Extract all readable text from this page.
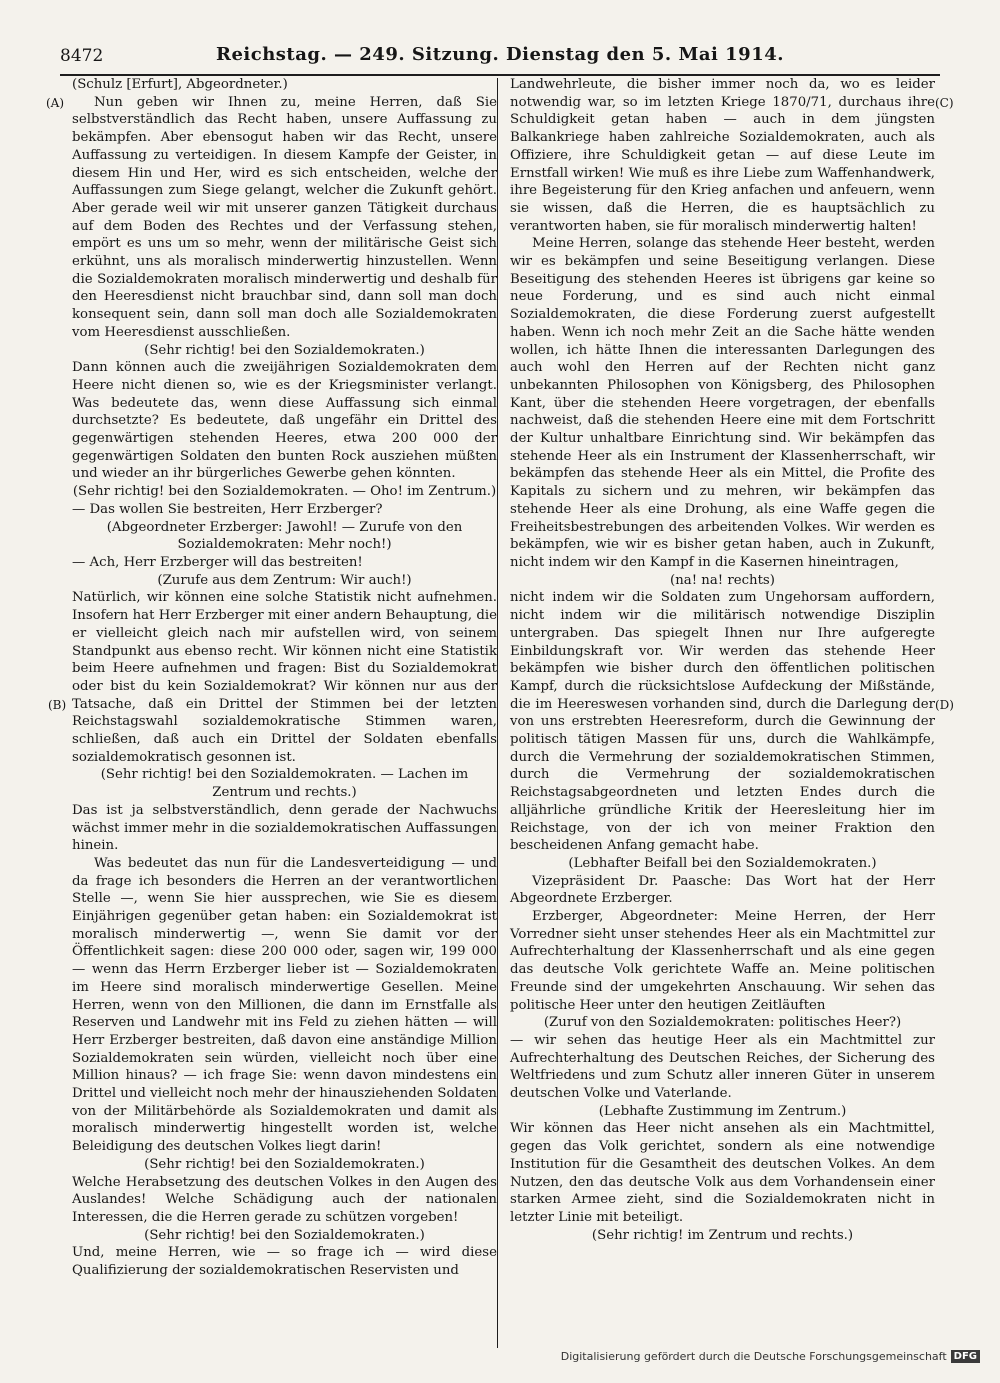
8472	Reichstag. — 249. Sitzung. Dienstag den 5. Mai 1914.
(A)
(B)
(C)
(D)

(Schulz [Erfurt], Abgeordneter.)

Nun geben wir Ihnen zu, meine Herren, daß Sie selbstverständlich das Recht haben, unsere Auffassung zu bekämpfen. Aber ebensogut haben wir das Recht, unsere Auffassung zu verteidigen. In diesem Kampfe der Geister, in diesem Hin und Her, wird es sich entscheiden, welche der Auffassungen zum Siege gelangt, welcher die Zukunft gehört. Aber gerade weil wir mit unserer ganzen Tätigkeit durchaus auf dem Boden des Rechtes und der Verfassung stehen, empört es uns um so mehr, wenn der militärische Geist sich erkühnt, uns als moralisch minderwertig hinzustellen. Wenn die Sozialdemokraten moralisch minderwertig und deshalb für den Heeresdienst nicht brauchbar sind, dann soll man doch konsequent sein, dann soll man doch alle Sozialdemokraten vom Heeresdienst ausschließen.

(Sehr richtig! bei den Sozialdemokraten.)

Dann können auch die zweijährigen Sozialdemokraten dem Heere nicht dienen so, wie es der Kriegsminister verlangt. Was bedeutete das, wenn diese Auffassung sich einmal durchsetzte? Es bedeutete, daß ungefähr ein Drittel des gegenwärtigen stehenden Heeres, etwa 200 000 der gegenwärtigen Soldaten den bunten Rock ausziehen müßten und wieder an ihr bürgerliches Gewerbe gehen könnten.

(Sehr richtig! bei den Sozialdemokraten. — Oho! im Zentrum.)

— Das wollen Sie bestreiten, Herr Erzberger?

(Abgeordneter Erzberger: Jawohl! — Zurufe von den Sozialdemokraten: Mehr noch!)

— Ach, Herr Erzberger will das bestreiten!

(Zurufe aus dem Zentrum: Wir auch!)

Natürlich, wir können eine solche Statistik nicht aufnehmen. Insofern hat Herr Erzberger mit einer andern Behauptung, die er vielleicht gleich nach mir aufstellen wird, von seinem Standpunkt aus ebenso recht. Wir können nicht eine Statistik beim Heere aufnehmen und fragen: Bist du Sozialdemokrat oder bist du kein Sozialdemokrat? Wir können nur aus der Tatsache, daß ein Drittel der Stimmen bei der letzten Reichstagswahl sozialdemokratische Stimmen waren, schließen, daß auch ein Drittel der Soldaten ebenfalls sozialdemokratisch gesonnen ist.

(Sehr richtig! bei den Sozialdemokraten. — Lachen im Zentrum und rechts.)

Das ist ja selbstverständlich, denn gerade der Nachwuchs wächst immer mehr in die sozialdemokratischen Auffassungen hinein.

Was bedeutet das nun für die Landesverteidigung — und da frage ich besonders die Herren an der verantwortlichen Stelle —, wenn Sie hier aussprechen, wie Sie es diesem Einjährigen gegenüber getan haben: ein Sozialdemokrat ist moralisch minderwertig —, wenn Sie damit vor der Öffentlichkeit sagen: diese 200 000 oder, sagen wir, 199 000 — wenn das Herrn Erzberger lieber ist — Sozialdemokraten im Heere sind moralisch minderwertige Gesellen. Meine Herren, wenn von den Millionen, die dann im Ernstfalle als Reserven und Landwehr mit ins Feld zu ziehen hätten — will Herr Erzberger bestreiten, daß davon eine anständige Million Sozialdemokraten sein würden, vielleicht noch über eine Million hinaus? — ich frage Sie: wenn davon mindestens ein Drittel und vielleicht noch mehr der hinausziehenden Soldaten von der Militärbehörde als Sozialdemokraten und damit als moralisch minderwertig hingestellt worden ist, welche Beleidigung des deutschen Volkes liegt darin!

(Sehr richtig! bei den Sozialdemokraten.)

Welche Herabsetzung des deutschen Volkes in den Augen des Auslandes! Welche Schädigung auch der nationalen Interessen, die die Herren gerade zu schützen vorgeben!

(Sehr richtig! bei den Sozialdemokraten.)

Und, meine Herren, wie — so frage ich — wird diese Qualifizierung der sozialdemokratischen Reservisten und

Landwehrleute, die bisher immer noch da, wo es leider notwendig war, so im letzten Kriege 1870/71, durchaus ihre Schuldigkeit getan haben — auch in dem jüngsten Balkankriege haben zahlreiche Sozialdemokraten, auch als Offiziere, ihre Schuldigkeit getan — auf diese Leute im Ernstfall wirken! Wie muß es ihre Liebe zum Waffenhandwerk, ihre Begeisterung für den Krieg anfachen und anfeuern, wenn sie wissen, daß die Herren, die es hauptsächlich zu verantworten haben, sie für moralisch minderwertig halten!

Meine Herren, solange das stehende Heer besteht, werden wir es bekämpfen und seine Beseitigung verlangen. Diese Beseitigung des stehenden Heeres ist übrigens gar keine so neue Forderung, und es sind auch nicht einmal Sozialdemokraten, die diese Forderung zuerst aufgestellt haben. Wenn ich noch mehr Zeit an die Sache hätte wenden wollen, ich hätte Ihnen die interessanten Darlegungen des auch wohl den Herren auf der Rechten nicht ganz unbekannten Philosophen von Königsberg, des Philosophen Kant, über die stehenden Heere vorgetragen, der ebenfalls nachweist, daß die stehenden Heere eine mit dem Fortschritt der Kultur unhaltbare Einrichtung sind. Wir bekämpfen das stehende Heer als ein Instrument der Klassenherrschaft, wir bekämpfen das stehende Heer als ein Mittel, die Profite des Kapitals zu sichern und zu mehren, wir bekämpfen das stehende Heer als eine Drohung, als eine Waffe gegen die Freiheitsbestrebungen des arbeitenden Volkes. Wir werden es bekämpfen, wie wir es bisher getan haben, auch in Zukunft, nicht indem wir den Kampf in die Kasernen hineintragen,

(na! na! rechts)

nicht indem wir die Soldaten zum Ungehorsam auffordern, nicht indem wir die militärisch notwendige Disziplin untergraben. Das spiegelt Ihnen nur Ihre aufgeregte Einbildungskraft vor. Wir werden das stehende Heer bekämpfen wie bisher durch den öffentlichen politischen Kampf, durch die rücksichtslose Aufdeckung der Mißstände, die im Heereswesen vorhanden sind, durch die Darlegung der von uns erstrebten Heeresreform, durch die Gewinnung der politisch tätigen Massen für uns, durch die Wahlkämpfe, durch die Vermehrung der sozialdemokratischen Stimmen, durch die Vermehrung der sozialdemokratischen Reichstagsabgeordneten und letzten Endes durch die alljährliche gründliche Kritik der Heeresleitung hier im Reichstage, von der ich von meiner Fraktion den bescheidenen Anfang gemacht habe.

(Lebhafter Beifall bei den Sozialdemokraten.)

Vizepräsident Dr. Paasche: Das Wort hat der Herr Abgeordnete Erzberger.

Erzberger, Abgeordneter: Meine Herren, der Herr Vorredner sieht unser stehendes Heer als ein Machtmittel zur Aufrechterhaltung der Klassenherrschaft und als eine gegen das deutsche Volk gerichtete Waffe an. Meine politischen Freunde sind der umgekehrten Anschauung. Wir sehen das politische Heer unter den heutigen Zeitläuften

(Zuruf von den Sozialdemokraten: politisches Heer?)

— wir sehen das heutige Heer als ein Machtmittel zur Aufrechterhaltung des Deutschen Reiches, der Sicherung des Weltfriedens und zum Schutz aller inneren Güter in unserem deutschen Volke und Vaterlande.

(Lebhafte Zustimmung im Zentrum.)

Wir können das Heer nicht ansehen als ein Machtmittel, gegen das Volk gerichtet, sondern als eine notwendige Institution für die Gesamtheit des deutschen Volkes. An dem Nutzen, den das deutsche Volk aus dem Vorhandensein einer starken Armee zieht, sind die Sozialdemokraten nicht in letzter Linie mit beteiligt.

(Sehr richtig! im Zentrum und rechts.)

Digitalisierung gefördert durch die Deutsche Forschungsgemeinschaft DFG
